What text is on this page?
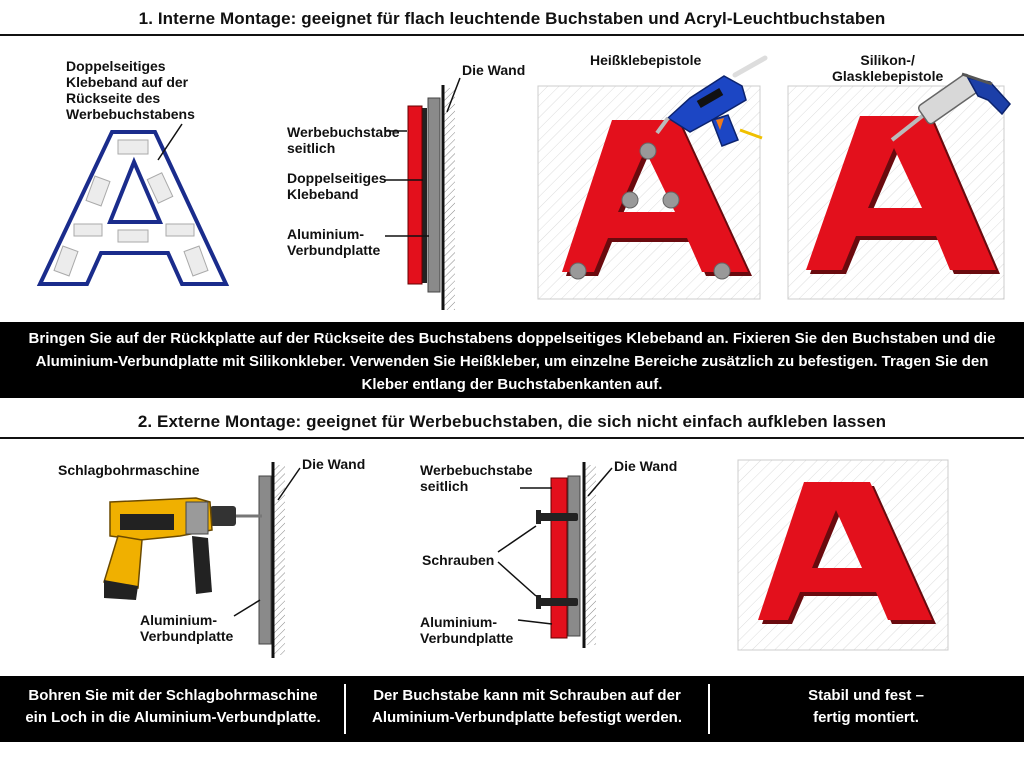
1. Interne Montage: geeignet für flach leuchtende Buchstaben und Acryl-Leuchtbuchstaben
Doppelseitiges
Klebeband auf der
Rückseite des
Werbebuchstabens
Die Wand
Werbebuchstabe
seitlich
Doppelseitiges
Klebeband
Aluminium-
Verbundplatte
Heißklebepistole	Silikon-/
Glasklebepistole
Bringen Sie auf der Rückkplatte auf der Rückseite des Buchstabens doppelseitiges Klebeband an. Fixieren Sie den Buchstaben und die Aluminium-Verbundplatte mit Silikonkleber. Verwenden Sie Heißkleber, um einzelne Bereiche zusätzlich zu befestigen. Tragen Sie den Kleber entlang der Buchstabenkanten auf.
2. Externe Montage: geeignet für Werbebuchstaben, die sich nicht einfach aufkleben lassen
Schlagbohrmaschine	Die Wand
Aluminium-
Verbundplatte
Werbebuchstabe
seitlich
Die Wand
Schrauben
Aluminium-
Verbundplatte
Bohren Sie mit der Schlagbohrmaschine
ein Loch in die Aluminium-Verbundplatte.
Der Buchstabe kann mit Schrauben auf der
Aluminium-Verbundplatte befestigt werden.
Stabil und fest –
fertig montiert.
